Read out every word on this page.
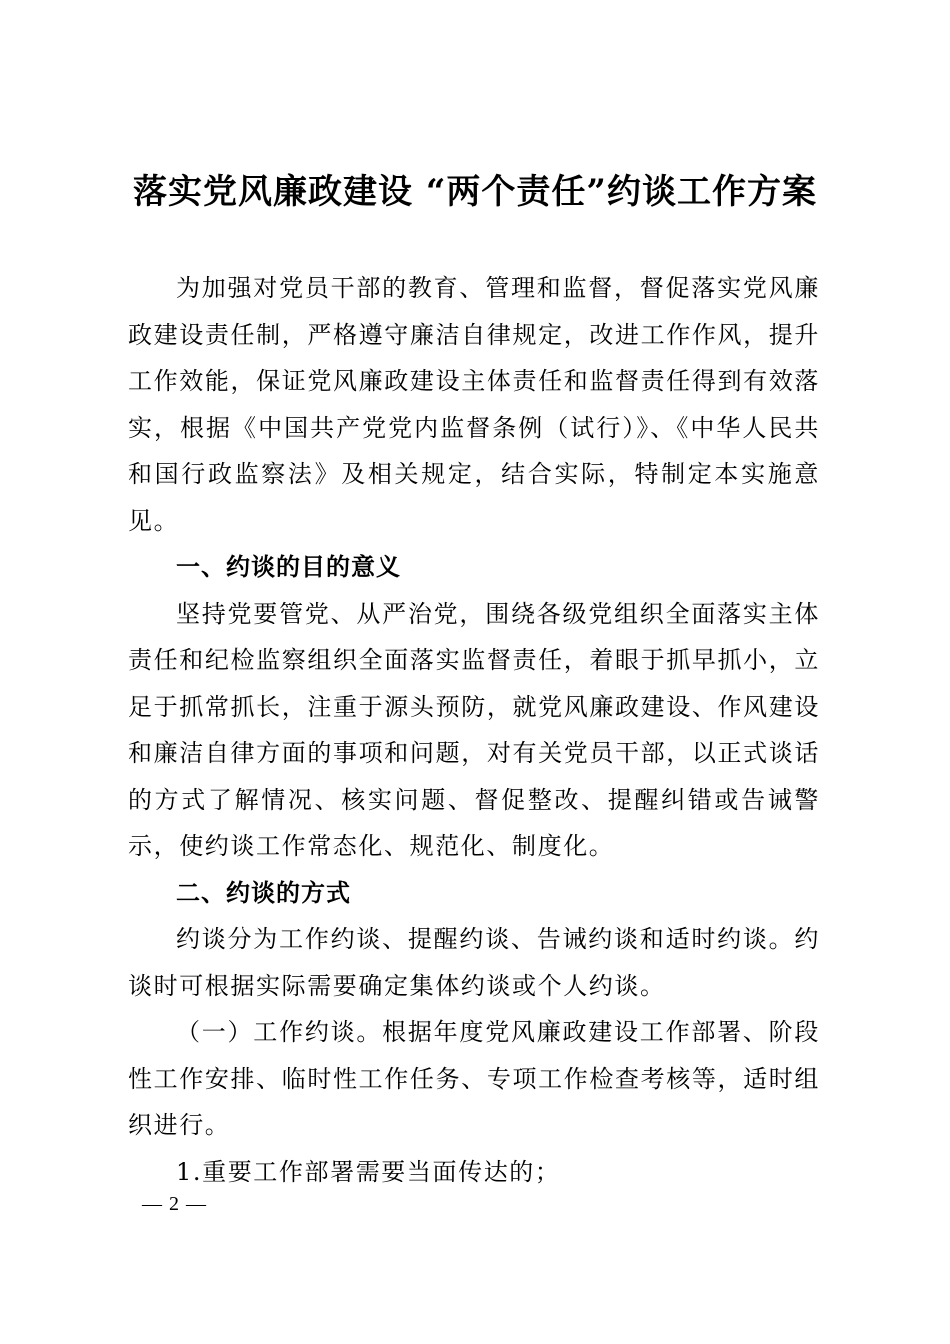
落实党风廉政建设 “两个责任”约谈工作方案

为加强对党员干部的教育、管理和监督，督促落实党风廉政建设责任制，严格遵守廉洁自律规定，改进工作作风，提升工作效能，保证党风廉政建设主体责任和监督责任得到有效落实，根据《中国共产党党内监督条例（试行）》、《中华人民共和国行政监察法》及相关规定，结合实际，特制定本实施意见。

一、约谈的目的意义

坚持党要管党、从严治党，围绕各级党组织全面落实主体责任和纪检监察组织全面落实监督责任，着眼于抓早抓小，立足于抓常抓长，注重于源头预防，就党风廉政建设、作风建设和廉洁自律方面的事项和问题，对有关党员干部，以正式谈话的方式了解情况、核实问题、督促整改、提醒纠错或告诫警示，使约谈工作常态化、规范化、制度化。

二、约谈的方式

约谈分为工作约谈、提醒约谈、告诫约谈和适时约谈。约谈时可根据实际需要确定集体约谈或个人约谈。

（一）工作约谈。根据年度党风廉政建设工作部署、阶段性工作安排、临时性工作任务、专项工作检查考核等，适时组织进行。

1.重要工作部署需要当面传达的；

— 2 —
